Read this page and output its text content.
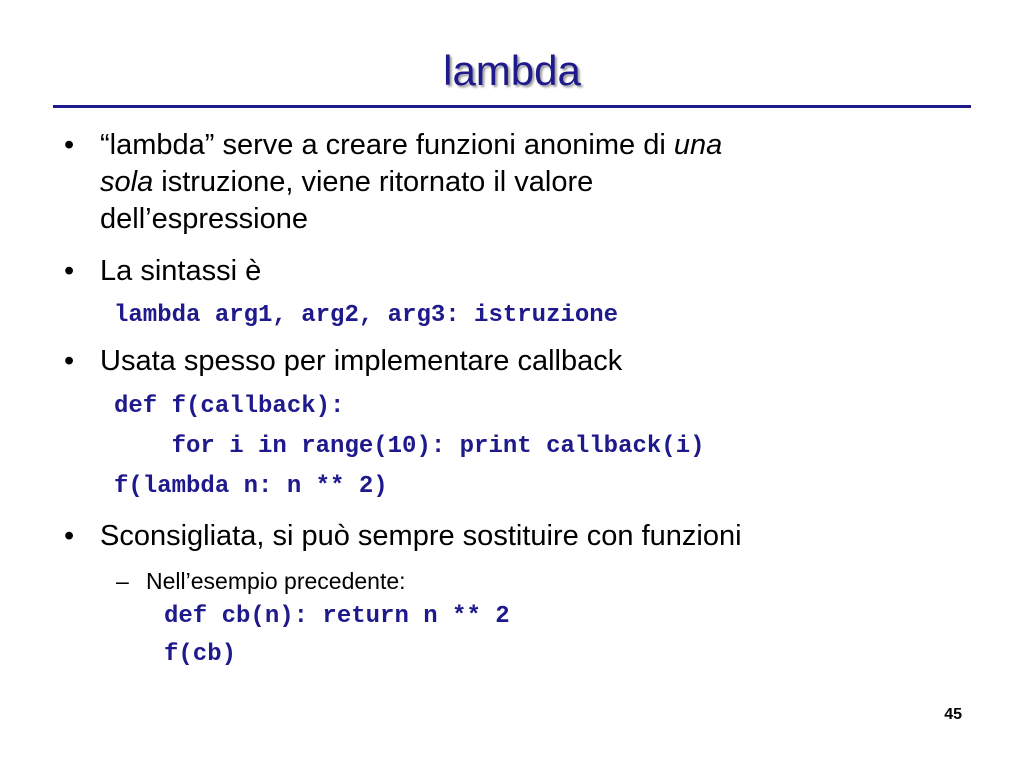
lambda
• “lambda” serve a creare funzioni anonime di una
sola istruzione, viene ritornato il valore
dell’espressione
• La sintassi è
lambda arg1, arg2, arg3: istruzione
• Usata spesso per implementare callback
def f(callback):
for i in range(10): print callback(i)
f(lambda n: n ** 2)
• Sconsigliata, si può sempre sostituire con funzioni
– Nell’esempio precedente:
def cb(n): return n ** 2
f(cb)
45
